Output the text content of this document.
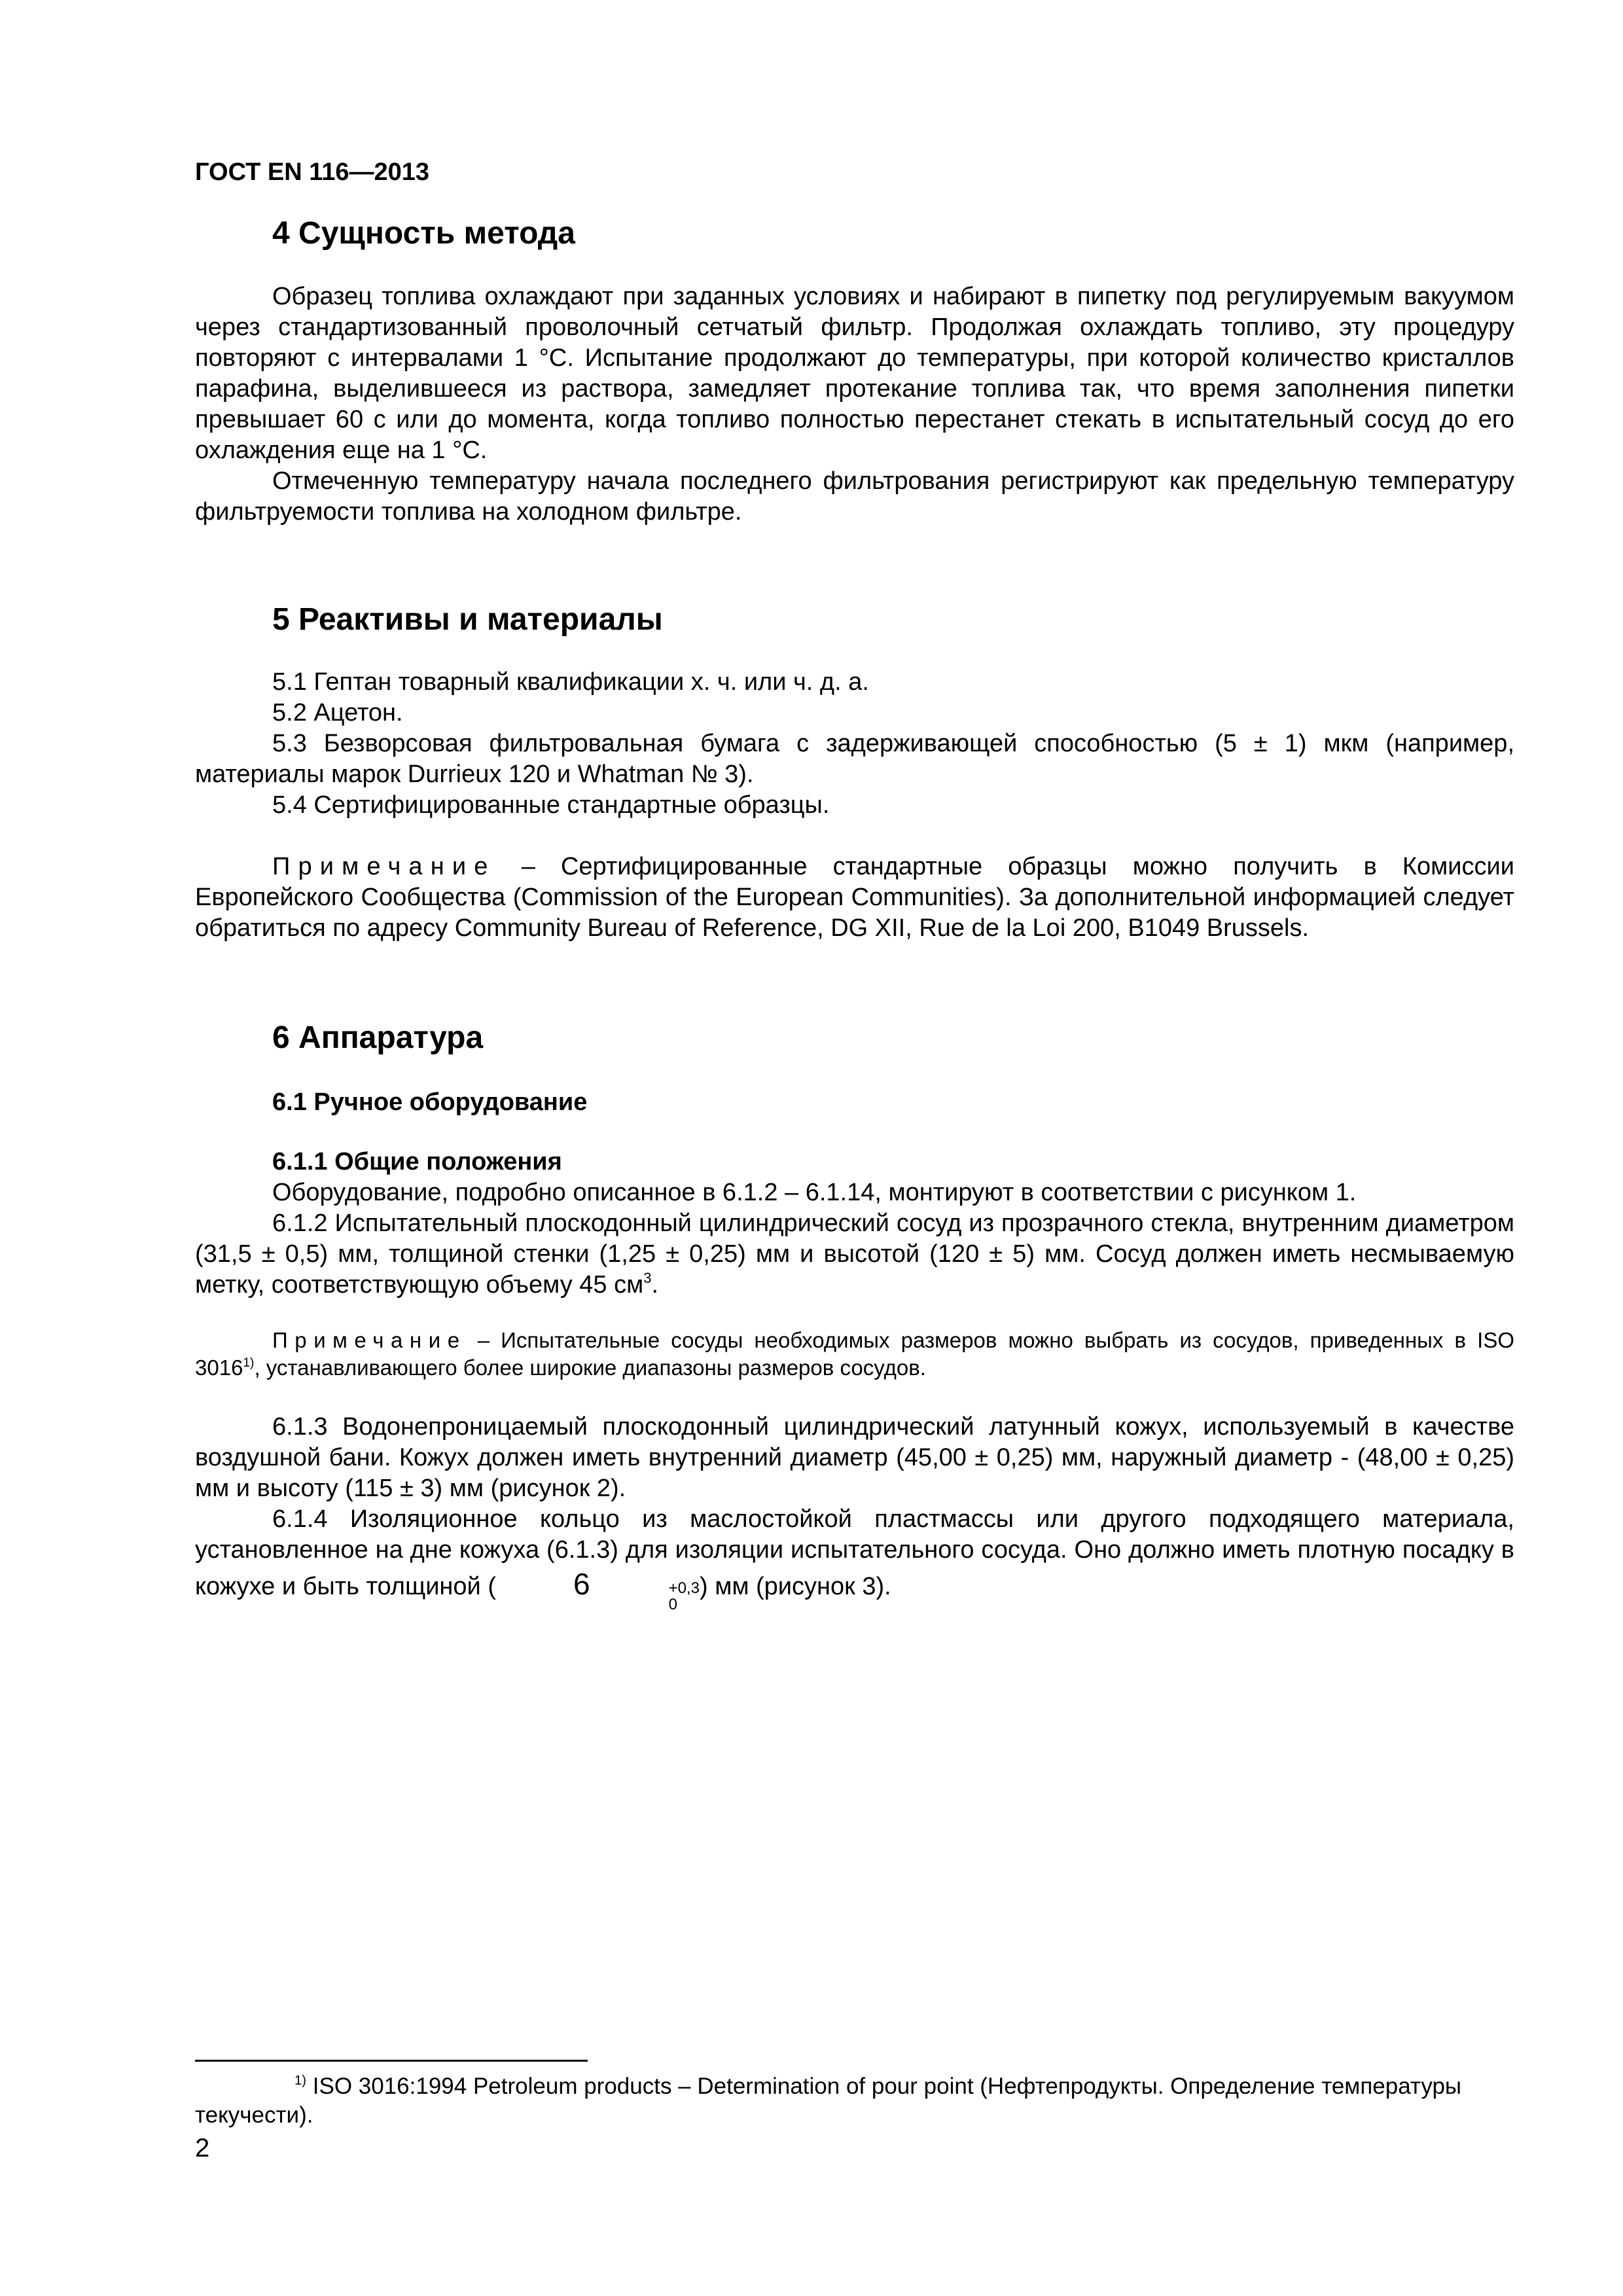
ГОСТ EN 116—2013
4 Сущность метода

Образец топлива охлаждают при заданных условиях и набирают в пипетку под регулируемым вакуумом через стандартизованный проволочный сетчатый фильтр. Продолжая охлаждать топливо, эту процедуру повторяют с интервалами 1 °С. Испытание продолжают до температуры, при которой количество кристаллов парафина, выделившееся из раствора, замедляет протекание топлива так, что время заполнения пипетки превышает 60 с или до момента, когда топливо полностью перестанет стекать в испытательный сосуд до его охлаждения еще на 1 °С.

Отмеченную температуру начала последнего фильтрования регистрируют как предельную температуру фильтруемости топлива на холодном фильтре.

5 Реактивы и материалы

5.1 Гептан товарный квалификации х. ч. или ч. д. а.

5.2 Ацетон.

5.3 Безворсовая фильтровальная бумага с задерживающей способностью (5 ± 1) мкм (например, материалы марок Durrieux 120 и Whatman № 3).

5.4 Сертифицированные стандартные образцы.

Примечание – Сертифицированные стандартные образцы можно получить в Комиссии Европейского Сообщества (Commission of the European Communities). За дополнительной информацией следует обратиться по адресу Community Bureau of Reference, DG XII, Rue de la Loi 200, B1049 Brussels.

6 Аппаратура
6.1 Ручное оборудование
6.1.1 Общие положения

Оборудование, подробно описанное в 6.1.2 – 6.1.14, монтируют в соответствии с рисунком 1.

6.1.2 Испытательный плоскодонный цилиндрический сосуд из прозрачного стекла, внутренним диаметром (31,5 ± 0,5) мм, толщиной стенки (1,25 ± 0,25) мм и высотой (120 ± 5) мм. Сосуд должен иметь несмываемую метку, соответствующую объему 45 $см^3$.

Примечание – Испытательные сосуды необходимых размеров можно выбрать из сосудов, приведенных в ISO 3016$^{1)}$, устанавливающего более широкие диапазоны размеров сосудов.

6.1.3 Водонепроницаемый плоскодонный цилиндрический латунный кожух, используемый в качестве воздушной бани. Кожух должен иметь внутренний диаметр (45,00 ± 0,25) мм, наружный диаметр - (48,00 ± 0,25) мм и высоту (115 ± 3) мм (рисунок 2).

6.1.4 Изоляционное кольцо из маслостойкой пластмассы или другого подходящего материала, установленное на дне кожуха (6.1.3) для изоляции испытательного сосуда. Оно должно иметь плотную посадку в кожухе и быть толщиной (	6	+0,3
0
) мм (рисунок 3).

$^{1)}$ ISO 3016:1994 Petroleum products – Determination of pour point (Нефтепродукты. Определение температуры текучести).
2
